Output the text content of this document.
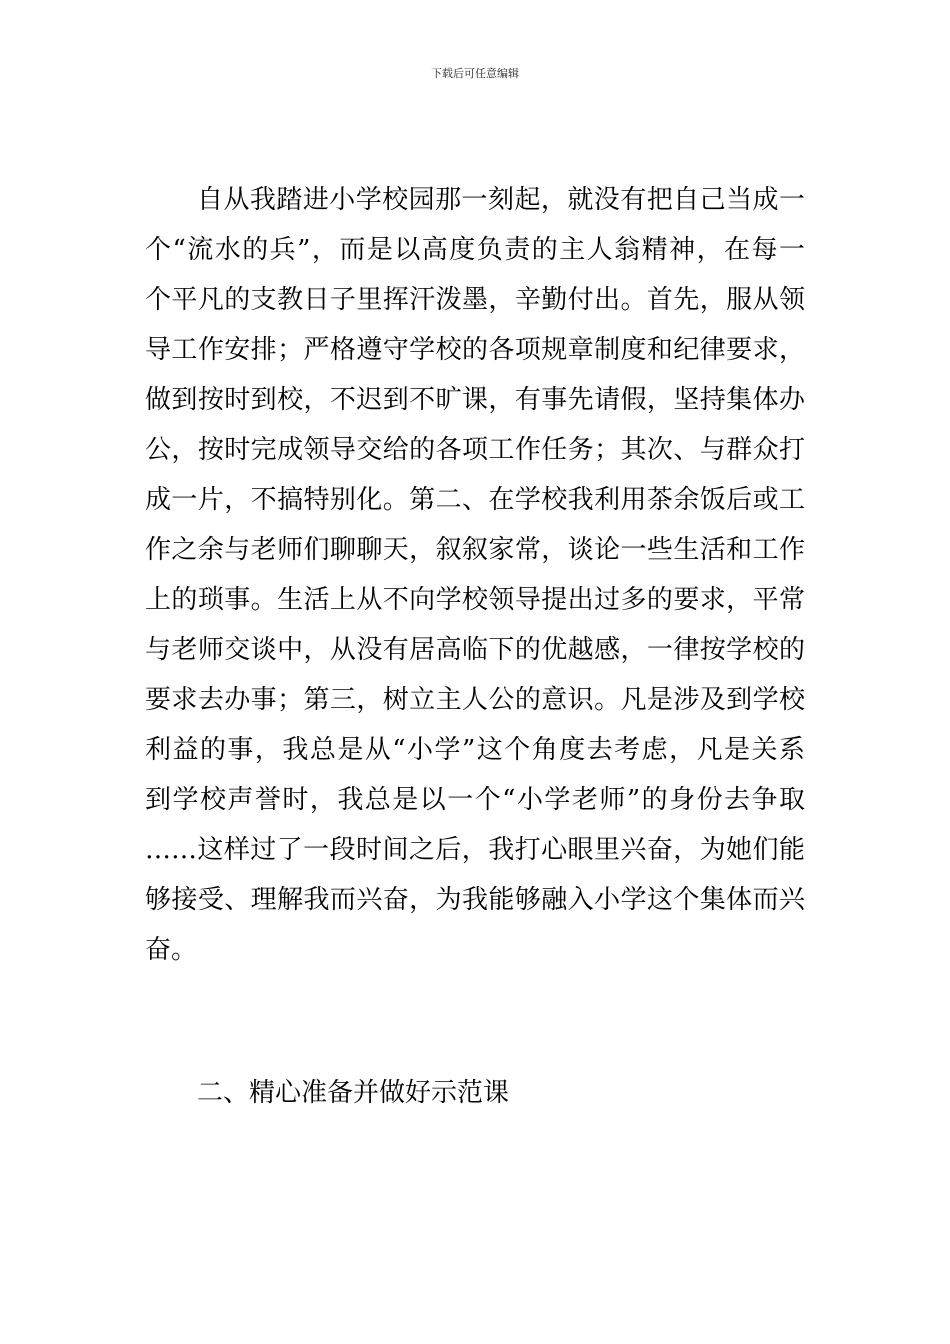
下载后可任意编辑
自从我踏进小学校园那一刻起，就没有把自己当成一
个“流水的兵”，而是以高度负责的主人翁精神，在每一
个平凡的支教日子里挥汗泼墨，辛勤付出。首先，服从领
导工作安排；严格遵守学校的各项规章制度和纪律要求，
做到按时到校，不迟到不旷课，有事先请假，坚持集体办
公，按时完成领导交给的各项工作任务；其次、与群众打
成一片，不搞特别化。第二、在学校我利用茶余饭后或工
作之余与老师们聊聊天，叙叙家常，谈论一些生活和工作
上的琐事。生活上从不向学校领导提出过多的要求，平常
与老师交谈中，从没有居高临下的优越感，一律按学校的
要求去办事；第三，树立主人公的意识。凡是涉及到学校
利益的事，我总是从“小学”这个角度去考虑，凡是关系
到学校声誉时，我总是以一个“小学老师”的身份去争取
……这样过了一段时间之后，我打心眼里兴奋，为她们能
够接受、理解我而兴奋，为我能够融入小学这个集体而兴
奋。
二、精心准备并做好示范课
